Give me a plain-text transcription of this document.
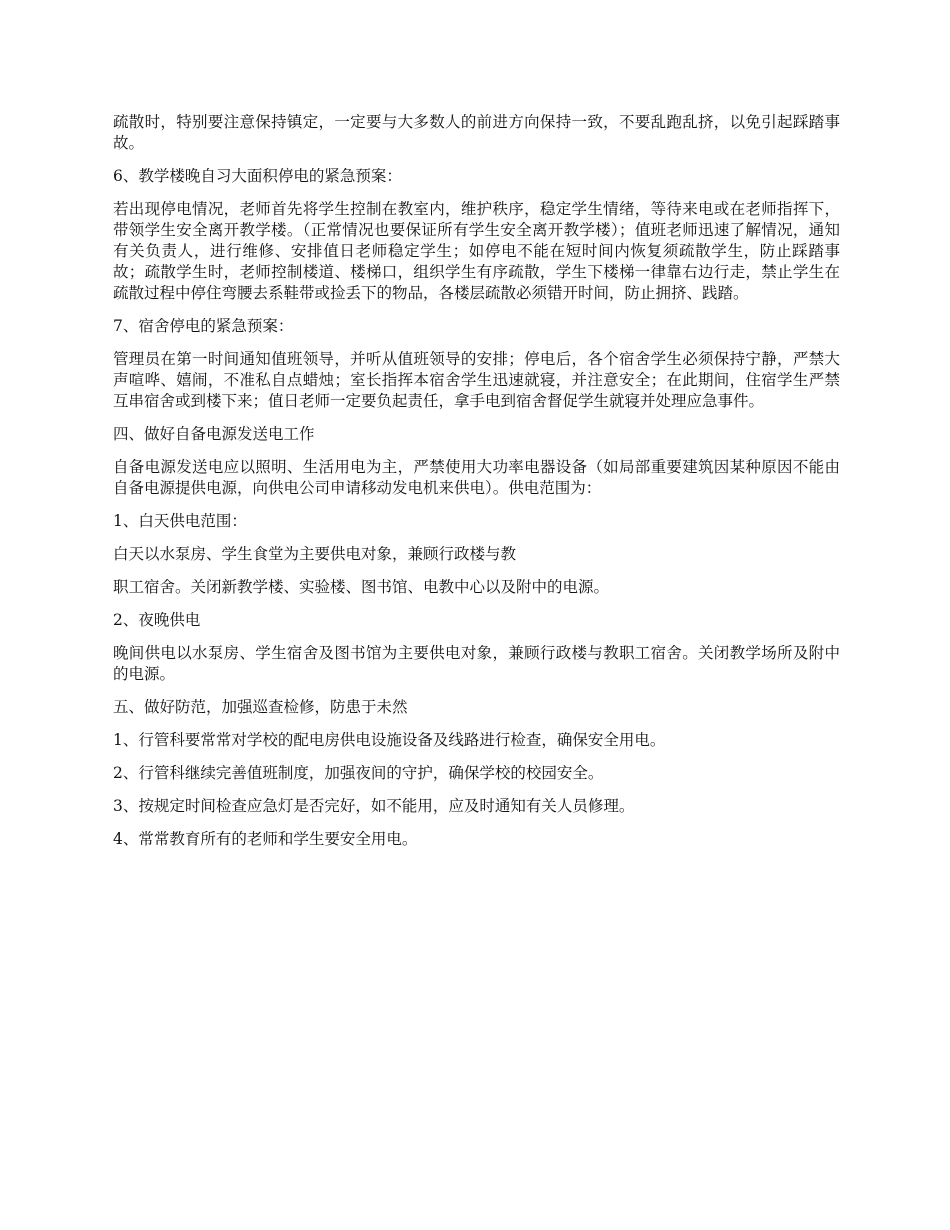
疏散时，特别要注意保持镇定，一定要与大多数人的前进方向保持一致，不要乱跑乱挤，以免引起踩踏事故。

6、教学楼晚自习大面积停电的紧急预案：

若出现停电情况，老师首先将学生控制在教室内，维护秩序，稳定学生情绪，等待来电或在老师指挥下，带领学生安全离开教学楼。（正常情况也要保证所有学生安全离开教学楼）；值班老师迅速了解情况，通知有关负责人，进行维修、安排值日老师稳定学生；如停电不能在短时间内恢复须疏散学生，防止踩踏事故；疏散学生时，老师控制楼道、楼梯口，组织学生有序疏散，学生下楼梯一律靠右边行走，禁止学生在疏散过程中停住弯腰去系鞋带或捡丢下的物品，各楼层疏散必须错开时间，防止拥挤、践踏。

7、宿舍停电的紧急预案：

管理员在第一时间通知值班领导，并听从值班领导的安排；停电后，各个宿舍学生必须保持宁静，严禁大声喧哗、嬉闹，不准私自点蜡烛；室长指挥本宿舍学生迅速就寝，并注意安全；在此期间，住宿学生严禁互串宿舍或到楼下来；值日老师一定要负起责任，拿手电到宿舍督促学生就寝并处理应急事件。

四、做好自备电源发送电工作

自备电源发送电应以照明、生活用电为主，严禁使用大功率电器设备（如局部重要建筑因某种原因不能由自备电源提供电源，向供电公司申请移动发电机来供电）。供电范围为：

1、白天供电范围：

白天以水泵房、学生食堂为主要供电对象，兼顾行政楼与教

职工宿舍。关闭新教学楼、实验楼、图书馆、电教中心以及附中的电源。

2、夜晚供电

晚间供电以水泵房、学生宿舍及图书馆为主要供电对象，兼顾行政楼与教职工宿舍。关闭教学场所及附中的电源。

五、做好防范，加强巡查检修，防患于未然

1、行管科要常常对学校的配电房供电设施设备及线路进行检查，确保安全用电。

2、行管科继续完善值班制度，加强夜间的守护，确保学校的校园安全。

3、按规定时间检查应急灯是否完好，如不能用，应及时通知有关人员修理。

4、常常教育所有的老师和学生要安全用电。
